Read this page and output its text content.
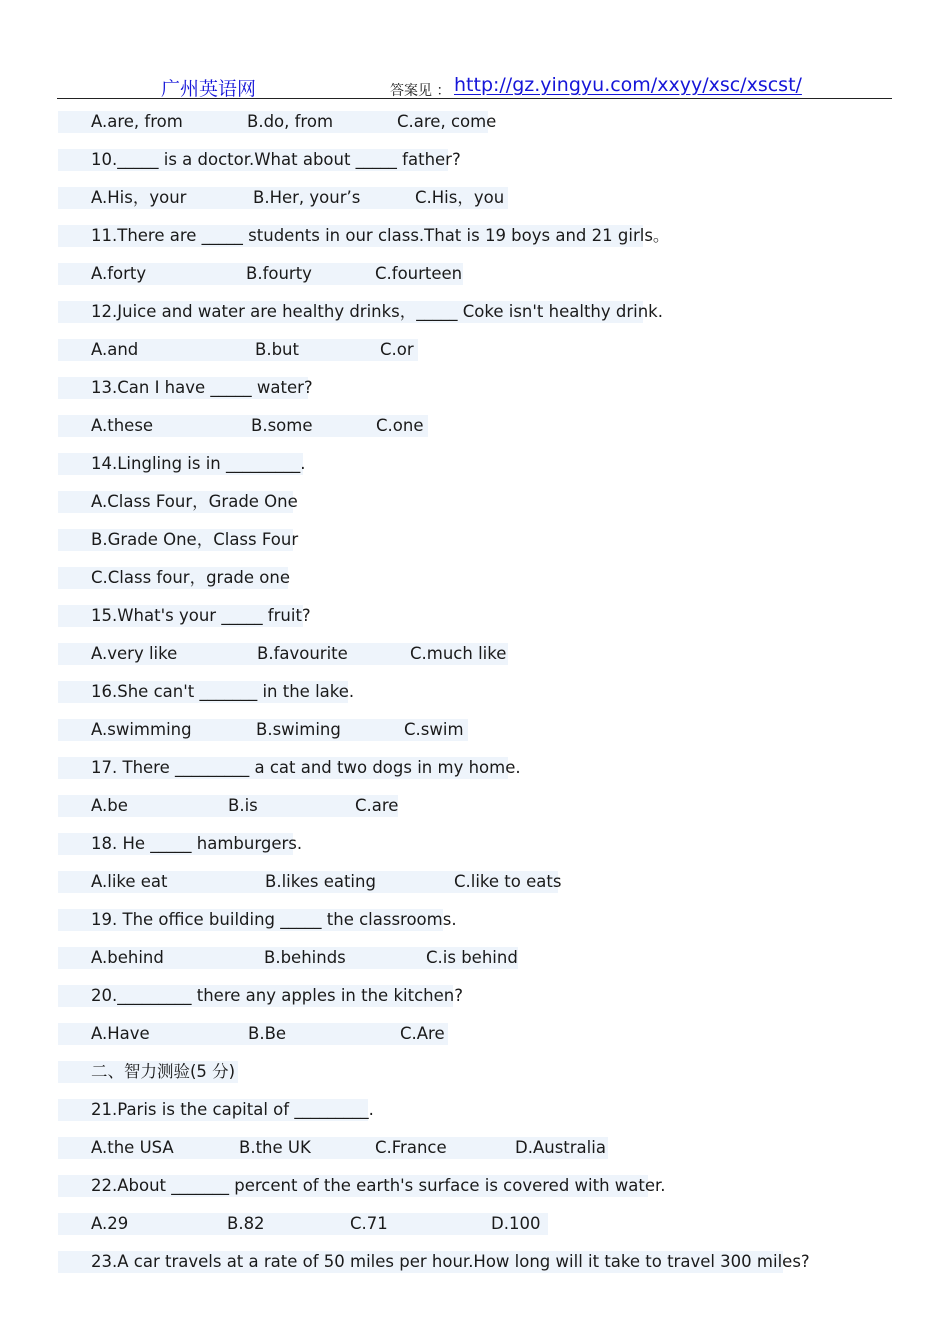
广州英语网	答案见 ： http://gz.yingyu.com/xxyy/xsc/xscst/
A.are, from	B.do, from	C.are, come
10._____ is a doctor.What about _____ father?
A.His，your	B.Her, your’s	C.His，you
11.There are _____ students in our class.That is 19 boys and 21 girls。
A.forty	B.fourty	C.fourteen
12.Juice and water are healthy drinks，_____ Coke isn't healthy drink.
A.and	B.but	C.or
13.Can I have _____ water?
A.these	B.some	C.one
14.Lingling is in _________.
A.Class Four，Grade One
B.Grade One，Class Four
C.Class four，grade one
15.What's your _____ fruit?
A.very like	B.favourite	C.much like
16.She can't _______ in the lake.
A.swimming	B.swiming	C.swim
17. There _________ a cat and two dogs in my home.
A.be	B.is	C.are
18. He _____ hamburgers.
A.like eat	B.likes eating	C.like to eats
19. The office building _____ the classrooms.
A.behind	B.behinds	C.is behind
20._________ there any apples in the kitchen?
A.Have	B.Be	C.Are
二、智力测验(5 分)
21.Paris is the capital of _________.
A.the USA	B.the UK	C.France	D.Australia
22.About _______ percent of the earth's surface is covered with water.
A.29	B.82	C.71	D.100
23.A car travels at a rate of 50 miles per hour.How long will it take to travel 300 miles?
